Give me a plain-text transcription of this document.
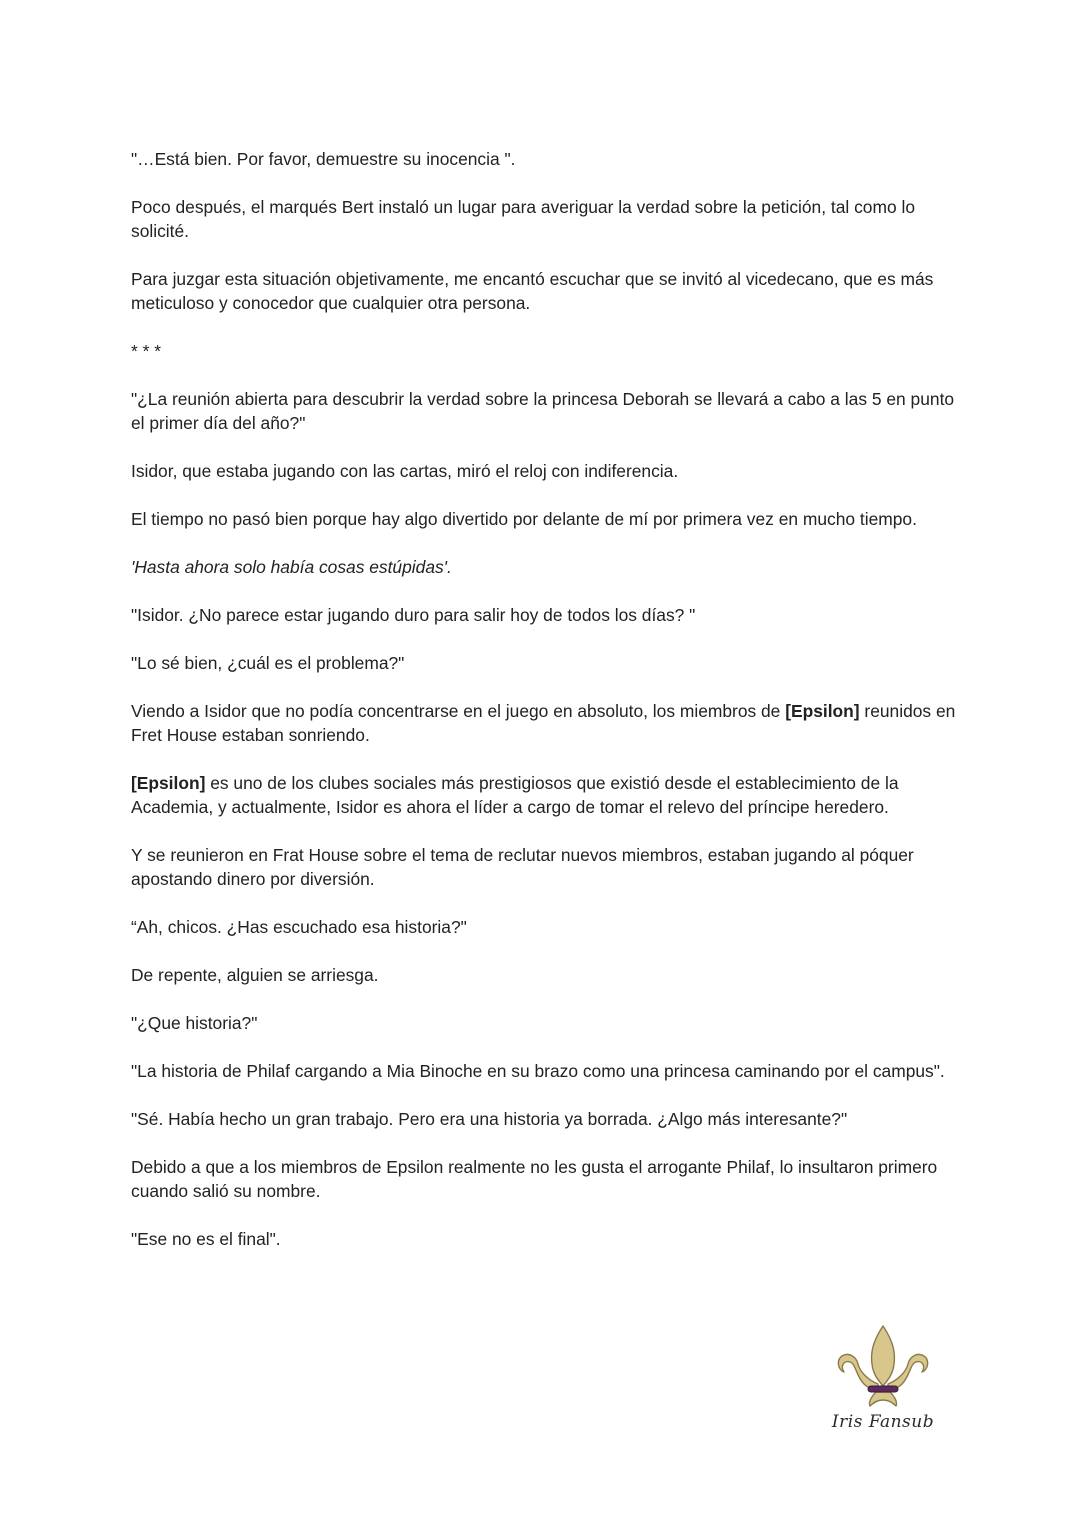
"…Está bien. Por favor, demuestre su inocencia ".

Poco después, el marqués Bert instaló un lugar para averiguar la verdad sobre la petición, tal como lo solicité.

Para juzgar esta situación objetivamente, me encantó escuchar que se invitó al vicedecano, que es más meticuloso y conocedor que cualquier otra persona.

* * *

"¿La reunión abierta para descubrir la verdad sobre la princesa Deborah se llevará a cabo a las 5 en punto el primer día del año?"

Isidor, que estaba jugando con las cartas, miró el reloj con indiferencia.

El tiempo no pasó bien porque hay algo divertido por delante de mí por primera vez en mucho tiempo.

'Hasta ahora solo había cosas estúpidas'.

"Isidor. ¿No parece estar jugando duro para salir hoy de todos los días? "

"Lo sé bien, ¿cuál es el problema?"

Viendo a Isidor que no podía concentrarse en el juego en absoluto, los miembros de [Epsilon] reunidos en Fret House estaban sonriendo.

[Epsilon] es uno de los clubes sociales más prestigiosos que existió desde el establecimiento de la Academia, y actualmente, Isidor es ahora el líder a cargo de tomar el relevo del príncipe heredero.

Y se reunieron en Frat House sobre el tema de reclutar nuevos miembros, estaban jugando al póquer apostando dinero por diversión.

“Ah, chicos. ¿Has escuchado esa historia?"

De repente, alguien se arriesga.

"¿Que historia?"

"La historia de Philaf cargando a Mia Binoche en su brazo como una princesa caminando por el campus".

"Sé. Había hecho un gran trabajo. Pero era una historia ya borrada. ¿Algo más interesante?"

Debido a que a los miembros de Epsilon realmente no les gusta el arrogante Philaf, lo insultaron primero cuando salió su nombre.

"Ese no es el final".

Iris Fansub
